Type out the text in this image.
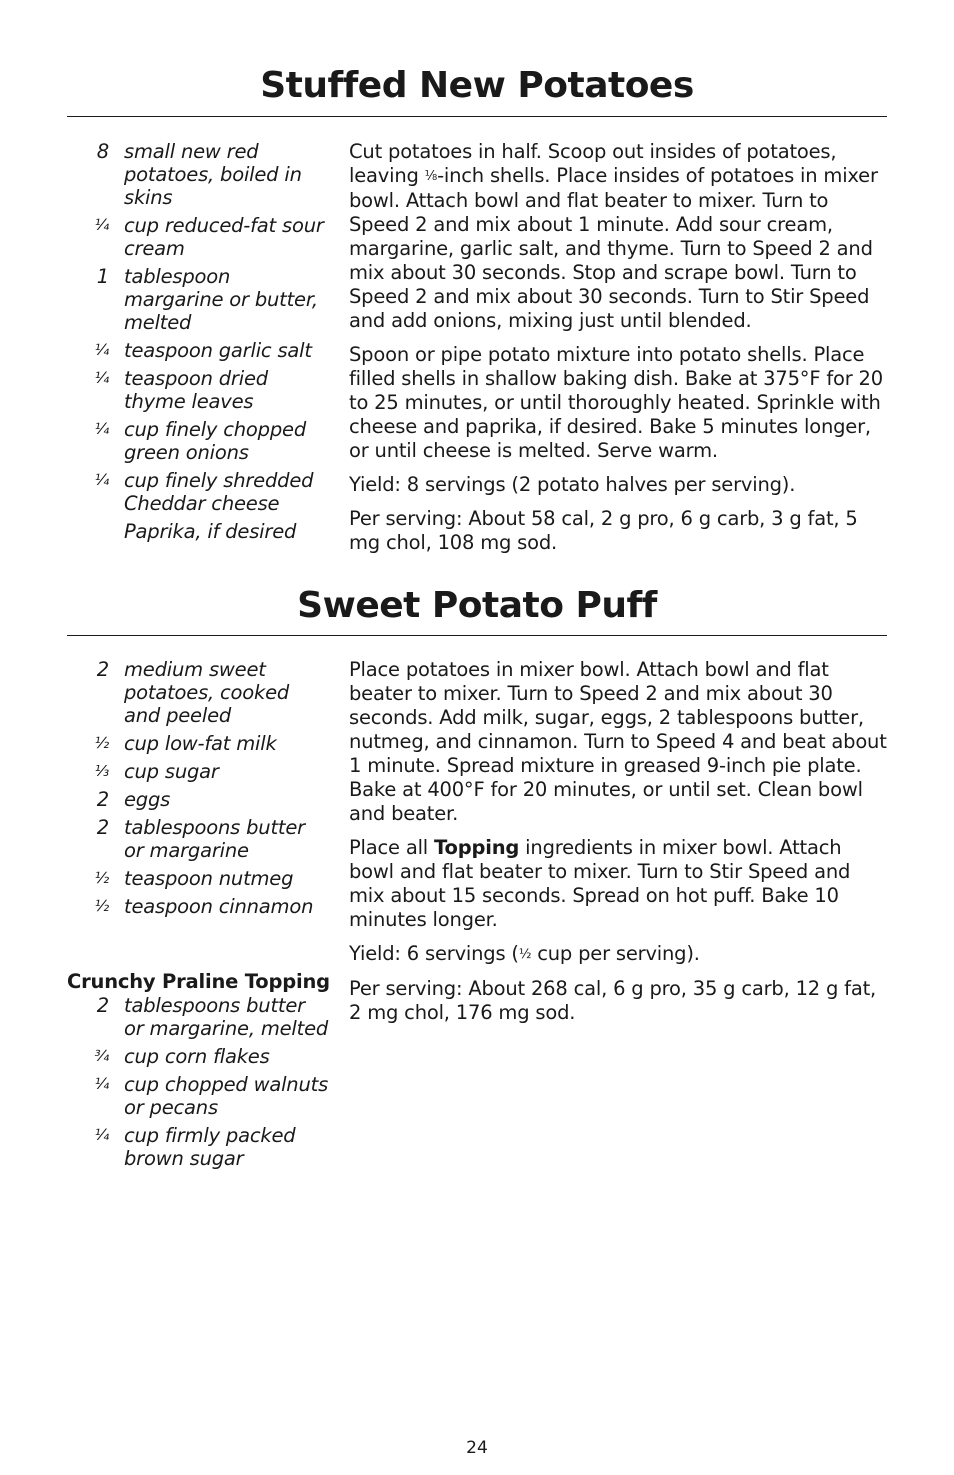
Stuffed New Potatoes
8 small new red potatoes, boiled in skins
¼ cup reduced-fat sour cream
1 tablespoon margarine or butter, melted
¼ teaspoon garlic salt
¼ teaspoon dried thyme leaves
¼ cup finely chopped green onions
¼ cup finely shredded Cheddar cheese
Paprika, if desired

Cut potatoes in half. Scoop out insides of potatoes, leaving ⅛-inch shells. Place insides of potatoes in mixer bowl. Attach bowl and flat beater to mixer. Turn to Speed 2 and mix about 1 minute. Add sour cream, margarine, garlic salt, and thyme. Turn to Speed 2 and mix about 30 seconds. Stop and scrape bowl. Turn to Speed 2 and mix about 30 seconds. Turn to Stir Speed and add onions, mixing just until blended.

Spoon or pipe potato mixture into potato shells. Place filled shells in shallow baking dish. Bake at 375°F for 20 to 25 minutes, or until thoroughly heated. Sprinkle with cheese and paprika, if desired. Bake 5 minutes longer, or until cheese is melted. Serve warm.

Yield: 8 servings (2 potato halves per serving).

Per serving: About 58 cal, 2 g pro, 6 g carb, 3 g fat, 5 mg chol, 108 mg sod.

Sweet Potato Puff
2 medium sweet potatoes, cooked and peeled
½ cup low-fat milk
⅓ cup sugar
2 eggs
2 tablespoons butter or margarine
½ teaspoon nutmeg
½ teaspoon cinnamon
Crunchy Praline Topping
2 tablespoons butter or margarine, melted
¾ cup corn flakes
¼ cup chopped walnuts or pecans
¼ cup firmly packed brown sugar

Place potatoes in mixer bowl. Attach bowl and flat beater to mixer. Turn to Speed 2 and mix about 30 seconds. Add milk, sugar, eggs, 2 tablespoons butter, nutmeg, and cinnamon. Turn to Speed 4 and beat about 1 minute. Spread mixture in greased 9-inch pie plate. Bake at 400°F for 20 minutes, or until set. Clean bowl and beater.

Place all Topping ingredients in mixer bowl. Attach bowl and flat beater to mixer. Turn to Stir Speed and mix about 15 seconds. Spread on hot puff. Bake 10 minutes longer.

Yield: 6 servings (½ cup per serving).

Per serving: About 268 cal, 6 g pro, 35 g carb, 12 g fat, 2 mg chol, 176 mg sod.

24
